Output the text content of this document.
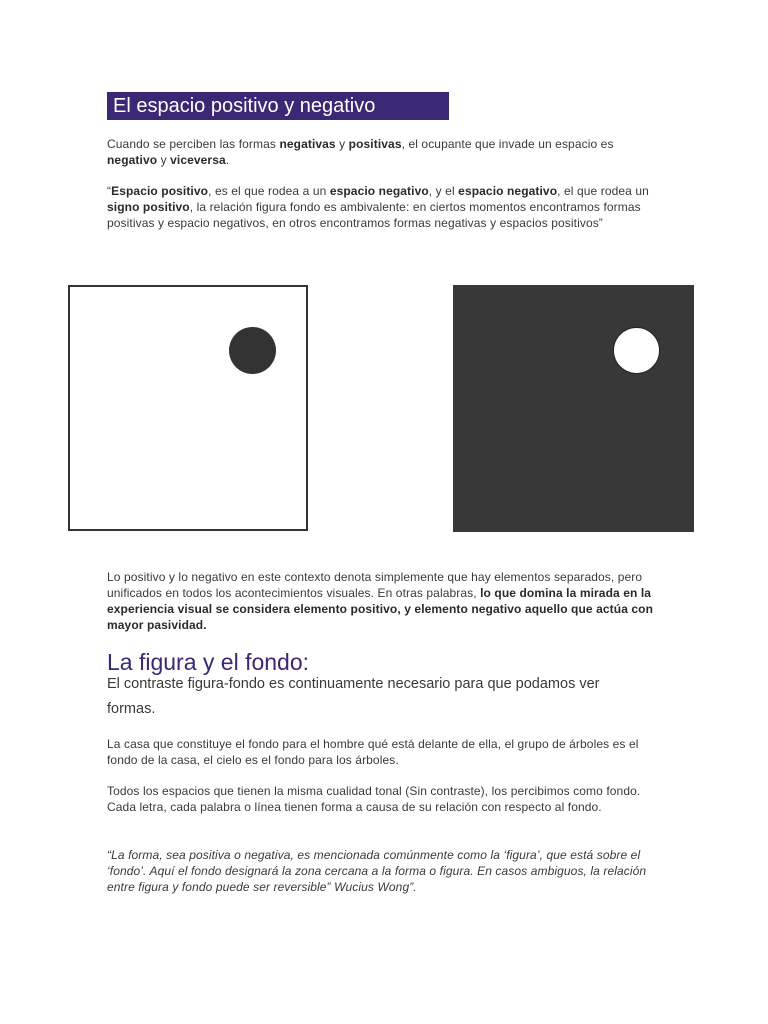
El espacio positivo y negativo

Cuando se perciben las formas negativas y positivas, el ocupante que invade un espacio es negativo y viceversa.

“Espacio positivo, es el que rodea a un espacio negativo, y el espacio negativo, el que rodea un signo positivo, la relación figura fondo es ambivalente: en ciertos momentos encontramos formas positivas y espacio negativos, en otros encontramos formas negativas y espacios positivos”

Lo positivo y lo negativo en este contexto denota simplemente que hay elementos separados, pero unificados en todos los acontecimientos visuales. En otras palabras, lo que domina la mirada en la experiencia visual se considera elemento positivo, y elemento negativo aquello que actúa con mayor pasividad.

La figura y el fondo:

El contraste figura-fondo es continuamente necesario para que podamos ver formas.

La casa que constituye el fondo para el hombre qué está delante de ella, el grupo de árboles es el fondo de la casa, el cielo es el fondo para los árboles.

Todos los espacios que tienen la misma cualidad tonal (Sin contraste), los percibimos como fondo. Cada letra, cada palabra o línea tienen forma a causa de su relación con respecto al fondo.

“La forma, sea positiva o negativa, es mencionada comúnmente como la ‘figura’, que está sobre el ‘fondo’. Aquí el fondo designará la zona cercana a la forma o figura. En casos ambiguos, la relación entre figura y fondo puede ser reversible” Wucius Wong”.
